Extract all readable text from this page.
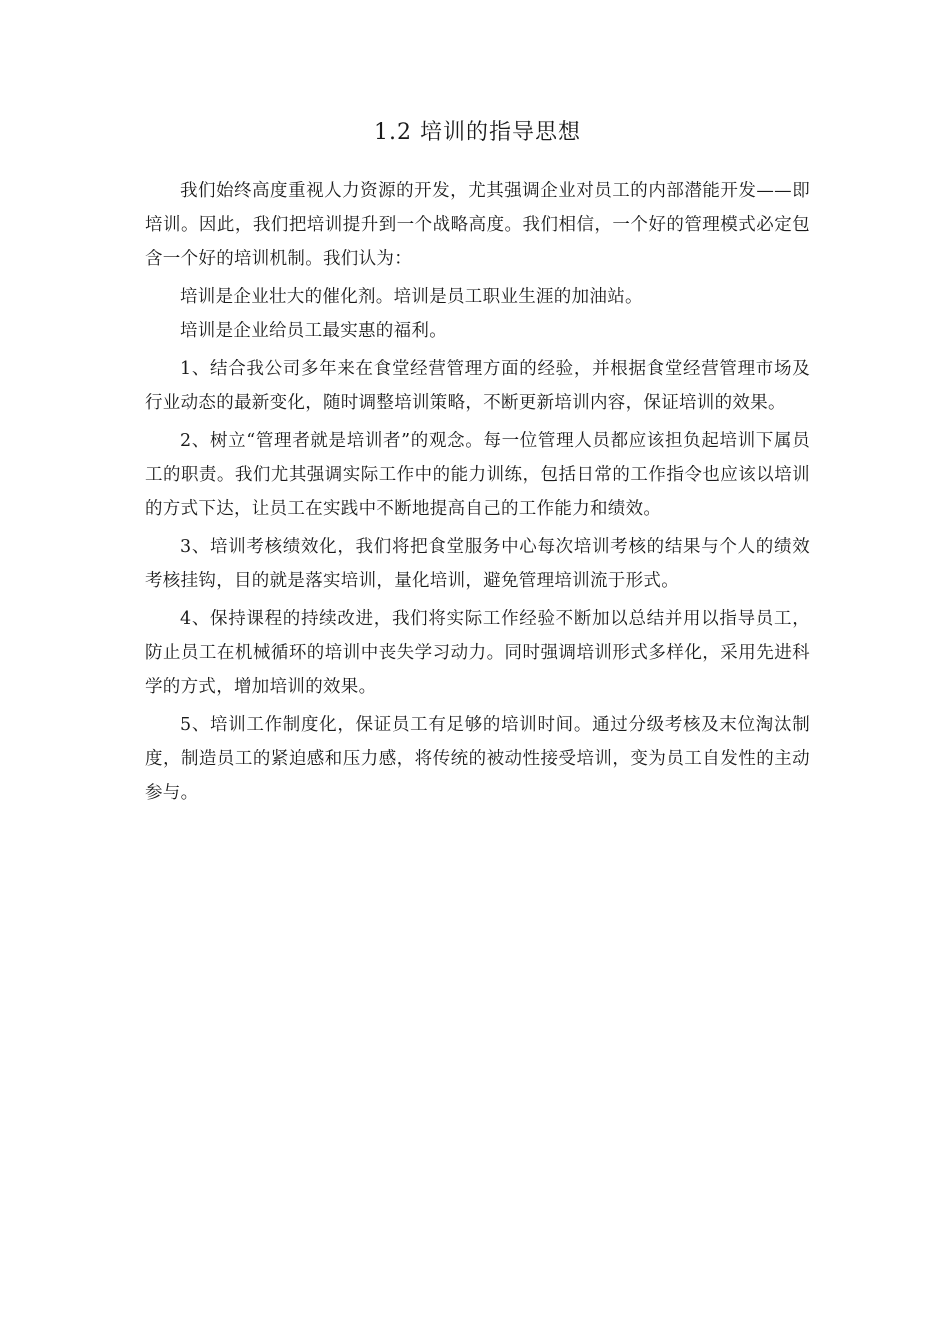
1.2 培训的指导思想

我们始终高度重视人力资源的开发，尤其强调企业对员工的内部潜能开发——即培训。因此，我们把培训提升到一个战略高度。我们相信，一个好的管理模式必定包含一个好的培训机制。我们认为：

培训是企业壮大的催化剂。培训是员工职业生涯的加油站。

培训是企业给员工最实惠的福利。

1、结合我公司多年来在食堂经营管理方面的经验，并根据食堂经营管理市场及行业动态的最新变化，随时调整培训策略，不断更新培训内容，保证培训的效果。

2、树立“管理者就是培训者”的观念。每一位管理人员都应该担负起培训下属员工的职责。我们尤其强调实际工作中的能力训练，包括日常的工作指令也应该以培训的方式下达，让员工在实践中不断地提高自己的工作能力和绩效。

3、培训考核绩效化，我们将把食堂服务中心每次培训考核的结果与个人的绩效考核挂钩，目的就是落实培训，量化培训，避免管理培训流于形式。

4、保持课程的持续改进，我们将实际工作经验不断加以总结并用以指导员工，防止员工在机械循环的培训中丧失学习动力。同时强调培训形式多样化，采用先进科学的方式，增加培训的效果。

5、培训工作制度化，保证员工有足够的培训时间。通过分级考核及末位淘汰制度，制造员工的紧迫感和压力感，将传统的被动性接受培训，变为员工自发性的主动参与。
